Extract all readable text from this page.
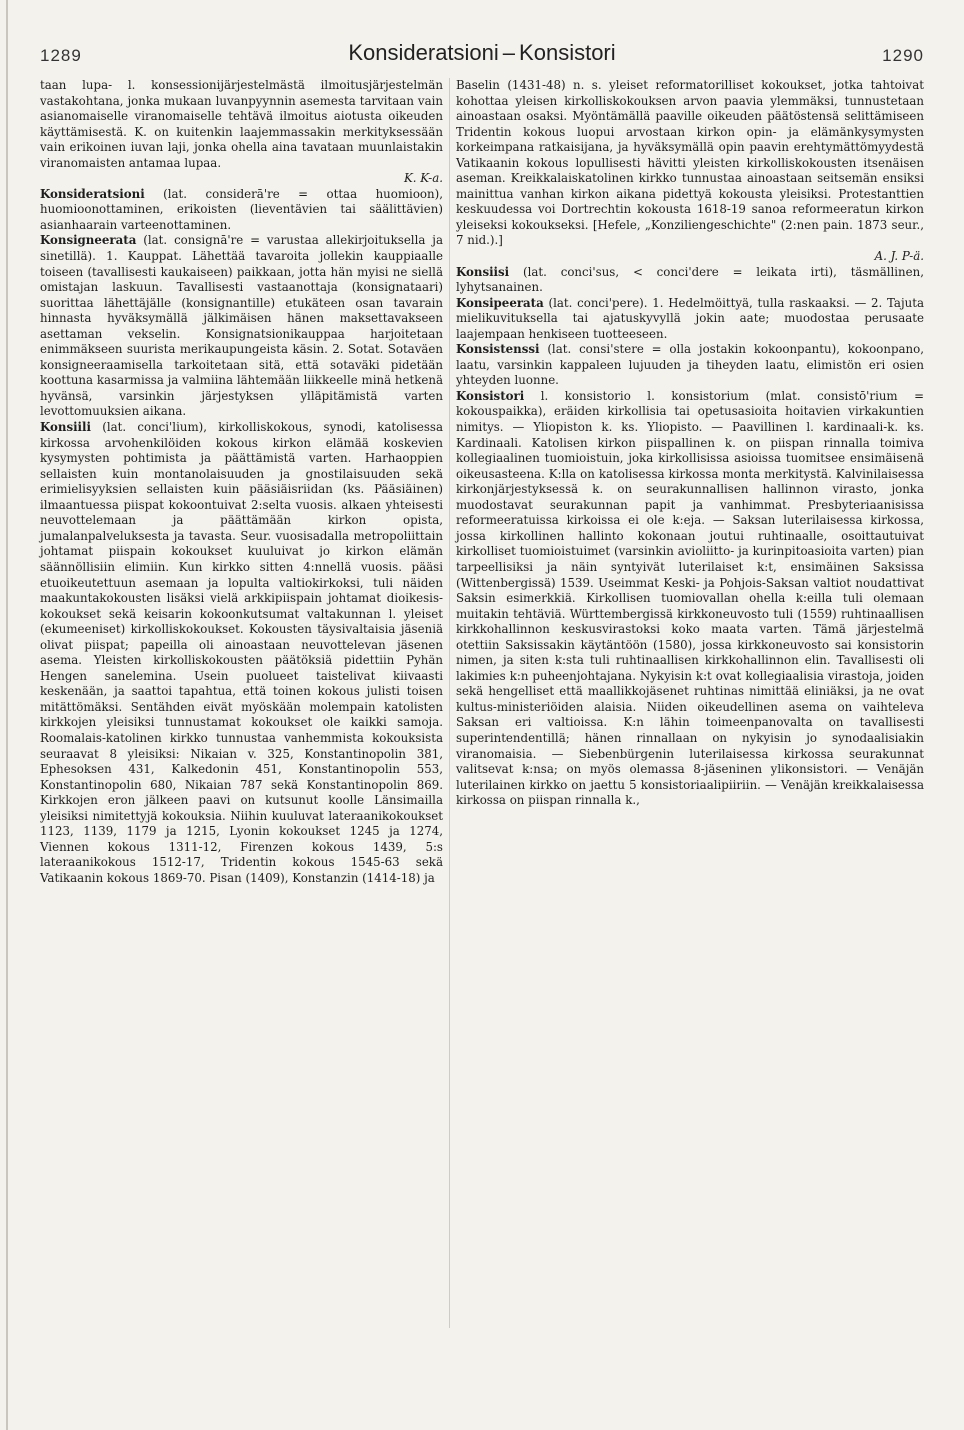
1289	Konsideratsioni – Konsistori	1290

taan lupa- l. konsessionijärjestelmästä ilmoitusjärjestelmän vastakohtana, jonka mukaan luvanpyynnin asemesta tarvitaan vain asianomaiselle viranomaiselle tehtävä ilmoitus aiotusta oikeuden käyttämisestä. K. on kuitenkin laajemmassakin merkityksessään vain erikoinen iuvan laji, jonka ohella aina tavataan muunlaistakin viranomaisten antamaa lupaa.

K. K-a.

Konsideratsioni (lat. considerā're = ottaa huomioon), huomioonottaminen, erikoisten (lieventävien tai säälittävien) asianhaarain varteenottaminen.

Konsigneerata (lat. consignā're = varustaa allekirjoituksella ja sinetillä). 1. Kauppat. Lähettää tavaroita jollekin kauppiaalle toiseen (tavallisesti kaukaiseen) paikkaan, jotta hän myisi ne siellä omistajan laskuun. Tavallisesti vastaanottaja (konsignataari) suorittaa lähettäjälle (konsignantille) etukäteen osan tavarain hinnasta hyväksymällä jälkimäisen hänen maksettavakseen asettaman vekselin. Konsignatsionikauppaa harjoitetaan enimmäkseen suurista merikaupungeista käsin. 2. Sotat. Sotaväen konsigneeraamisella tarkoitetaan sitä, että sotaväki pidetään koottuna kasarmissa ja valmiina lähtemään liikkeelle minä hetkenä hyvänsä, varsinkin järjestyksen ylläpitämistä varten levottomuuksien aikana.

Konsiili (lat. conci'lium), kirkolliskokous, synodi, katolisessa kirkossa arvohenkilöiden kokous kirkon elämää koskevien kysymysten pohtimista ja päättämistä varten. Harhaoppien sellaisten kuin montanolaisuuden ja gnostilaisuuden sekä erimielisyyksien sellaisten kuin pääsiäisriidan (ks. Pääsiäinen) ilmaantuessa piispat kokoontuivat 2:selta vuosis. alkaen yhteisesti neuvottelemaan ja päättämään kirkon opista, jumalanpalveluksesta ja tavasta. Seur. vuosisadalla metropoliittain johtamat piispain kokoukset kuuluivat jo kirkon elämän säännöllisiin elimiin. Kun kirkko sitten 4:nnellä vuosis. pääsi etuoikeutettuun asemaan ja lopulta valtiokirkoksi, tuli näiden maakuntakokousten lisäksi vielä arkkipiispain johtamat dioikesis-kokoukset sekä keisarin kokoonkutsumat valtakunnan l. yleiset (ekumeeniset) kirkolliskokoukset. Kokousten täysivaltaisia jäseniä olivat piispat; papeilla oli ainoastaan neuvottelevan jäsenen asema. Yleisten kirkolliskokousten päätöksiä pidettiin Pyhän Hengen sanelemina. Usein puolueet taistelivat kiivaasti keskenään, ja saattoi tapahtua, että toinen kokous julisti toisen mitättömäksi. Sentähden eivät myöskään molempain katolisten kirkkojen yleisiksi tunnustamat kokoukset ole kaikki samoja. Roomalais-katolinen kirkko tunnustaa vanhemmista kokouksista seuraavat 8 yleisiksi: Nikaian v. 325, Konstantinopolin 381, Ephesoksen 431, Kalkedonin 451, Konstantinopolin 553, Konstantinopolin 680, Nikaian 787 sekä Konstantinopolin 869. Kirkkojen eron jälkeen paavi on kutsunut koolle Länsimailla yleisiksi nimitettyjä kokouksia. Niihin kuuluvat lateraanikokoukset 1123, 1139, 1179 ja 1215, Lyonin kokoukset 1245 ja 1274, Viennen kokous 1311-12, Firenzen kokous 1439, 5:s lateraanikokous 1512-17, Tridentin kokous 1545-63 sekä Vatikaanin kokous 1869-70. Pisan (1409), Konstanzin (1414-18) ja

Baselin (1431-48) n. s. yleiset reformatorilliset kokoukset, jotka tahtoivat kohottaa yleisen kirkolliskokouksen arvon paavia ylemmäksi, tunnustetaan ainoastaan osaksi. Myöntämällä paaville oikeuden päätöstensä selittämiseen Tridentin kokous luopui arvostaan kirkon opin- ja elämänkysymysten korkeimpana ratkaisijana, ja hyväksymällä opin paavin erehtymättömyydestä Vatikaanin kokous lopullisesti hävitti yleisten kirkolliskokousten itsenäisen aseman. Kreikkalaiskatolinen kirkko tunnustaa ainoastaan seitsemän ensiksi mainittua vanhan kirkon aikana pidettyä kokousta yleisiksi. Protestanttien keskuudessa voi Dortrechtin kokousta 1618-19 sanoa reformeeratun kirkon yleiseksi kokoukseksi. [Hefele, „Konziliengeschichte" (2:nen pain. 1873 seur., 7 nid.).]

A. J. P-ä.

Konsiisi (lat. conci'sus, < conci'dere = leikata irti), täsmällinen, lyhytsanainen.

Konsipeerata (lat. conci'pere). 1. Hedelmöittyä, tulla raskaaksi. — 2. Tajuta mielikuvituksella tai ajatuskyvyllä jokin aate; muodostaa perusaate laajempaan henkiseen tuotteeseen.

Konsistenssi (lat. consi'stere = olla jostakin kokoonpantu), kokoonpano, laatu, varsinkin kappaleen lujuuden ja tiheyden laatu, elimistön eri osien yhteyden luonne.

Konsistori l. konsistorio l. konsistorium (mlat. consistō'rium = kokouspaikka), eräiden kirkollisia tai opetusasioita hoitavien virkakuntien nimitys. — Yliopiston k. ks. Yliopisto. — Paavillinen l. kardinaali-k. ks. Kardinaali. Katolisen kirkon piispallinen k. on piispan rinnalla toimiva kollegiaalinen tuomioistuin, joka kirkollisissa asioissa tuomitsee ensimäisenä oikeusasteena. K:lla on katolisessa kirkossa monta merkitystä. Kalvinilaisessa kirkonjärjestyksessä k. on seurakunnallisen hallinnon virasto, jonka muodostavat seurakunnan papit ja vanhimmat. Presbyteriaanisissa reformeeratuissa kirkoissa ei ole k:eja. — Saksan luterilaisessa kirkossa, jossa kirkollinen hallinto kokonaan joutui ruhtinaalle, osoittautuivat kirkolliset tuomioistuimet (varsinkin avioliitto- ja kurinpitoasioita varten) pian tarpeellisiksi ja näin syntyivät luterilaiset k:t, ensimäinen Saksissa (Wittenbergissä) 1539. Useimmat Keski- ja Pohjois-Saksan valtiot noudattivat Saksin esimerkkiä. Kirkollisen tuomiovallan ohella k:eilla tuli olemaan muitakin tehtäviä. Württembergissä kirkkoneuvosto tuli (1559) ruhtinaallisen kirkkohallinnon keskusvirastoksi koko maata varten. Tämä järjestelmä otettiin Saksissakin käytäntöön (1580), jossa kirkkoneuvosto sai konsistorin nimen, ja siten k:sta tuli ruhtinaallisen kirkkohallinnon elin. Tavallisesti oli lakimies k:n puheenjohtajana. Nykyisin k:t ovat kollegiaalisia virastoja, joiden sekä hengelliset että maallikkojäsenet ruhtinas nimittää eliniäksi, ja ne ovat kultus-ministeriöiden alaisia. Niiden oikeudellinen asema on vaihteleva Saksan eri valtioissa. K:n lähin toimeenpanovalta on tavallisesti superintendentillä; hänen rinnallaan on nykyisin jo synodaalisiakin viranomaisia. — Siebenbürgenin luterilaisessa kirkossa seurakunnat valitsevat k:nsa; on myös olemassa 8-jäseninen ylikonsistori. — Venäjän luterilainen kirkko on jaettu 5 konsistoriaalipiiriin. — Venäjän kreikkalaisessa kirkossa on piispan rinnalla k.,
